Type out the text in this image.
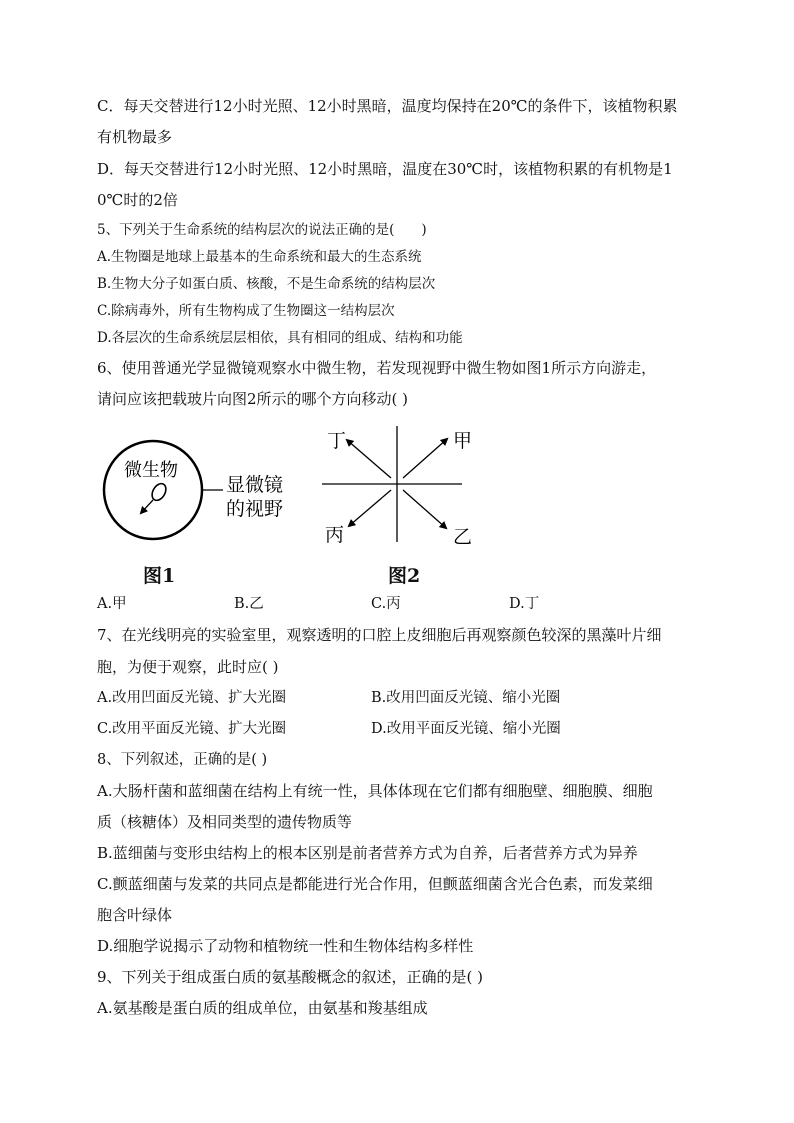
C．每天交替进行12小时光照、12小时黑暗，温度均保持在20℃的条件下，该植物积累
有机物最多
D．每天交替进行12小时光照、12小时黑暗，温度在30℃时，该植物积累的有机物是1
0℃时的2倍
5、下列关于生命系统的结构层次的说法正确的是(　　)
A.生物圈是地球上最基本的生命系统和最大的生态系统
B.生物大分子如蛋白质、核酸，不是生命系统的结构层次
C.除病毒外，所有生物构成了生物圈这一结构层次
D.各层次的生命系统层层相依，具有相同的组成、结构和功能
6、使用普通光学显微镜观察水中微生物，若发现视野中微生物如图1所示方向游走，
请问应该把载玻片向图2所示的哪个方向移动( )
微生物
显微镜
的视野
丁	甲
丙	乙
图1	图2
A.甲	B.乙	C.丙	D.丁
7、在光线明亮的实验室里，观察透明的口腔上皮细胞后再观察颜色较深的黑藻叶片细
胞，为便于观察，此时应( )
A.改用凹面反光镜、扩大光圈	B.改用凹面反光镜、缩小光圈
C.改用平面反光镜、扩大光圈	D.改用平面反光镜、缩小光圈
8、下列叙述，正确的是( )
A.大肠杆菌和蓝细菌在结构上有统一性，具体体现在它们都有细胞壁、细胞膜、细胞
质（核糖体）及相同类型的遗传物质等
B.蓝细菌与变形虫结构上的根本区别是前者营养方式为自养，后者营养方式为异养
C.颤蓝细菌与发菜的共同点是都能进行光合作用，但颤蓝细菌含光合色素，而发菜细
胞含叶绿体
D.细胞学说揭示了动物和植物统一性和生物体结构多样性
9、下列关于组成蛋白质的氨基酸概念的叙述，正确的是( )
A.氨基酸是蛋白质的组成单位，由氨基和羧基组成
